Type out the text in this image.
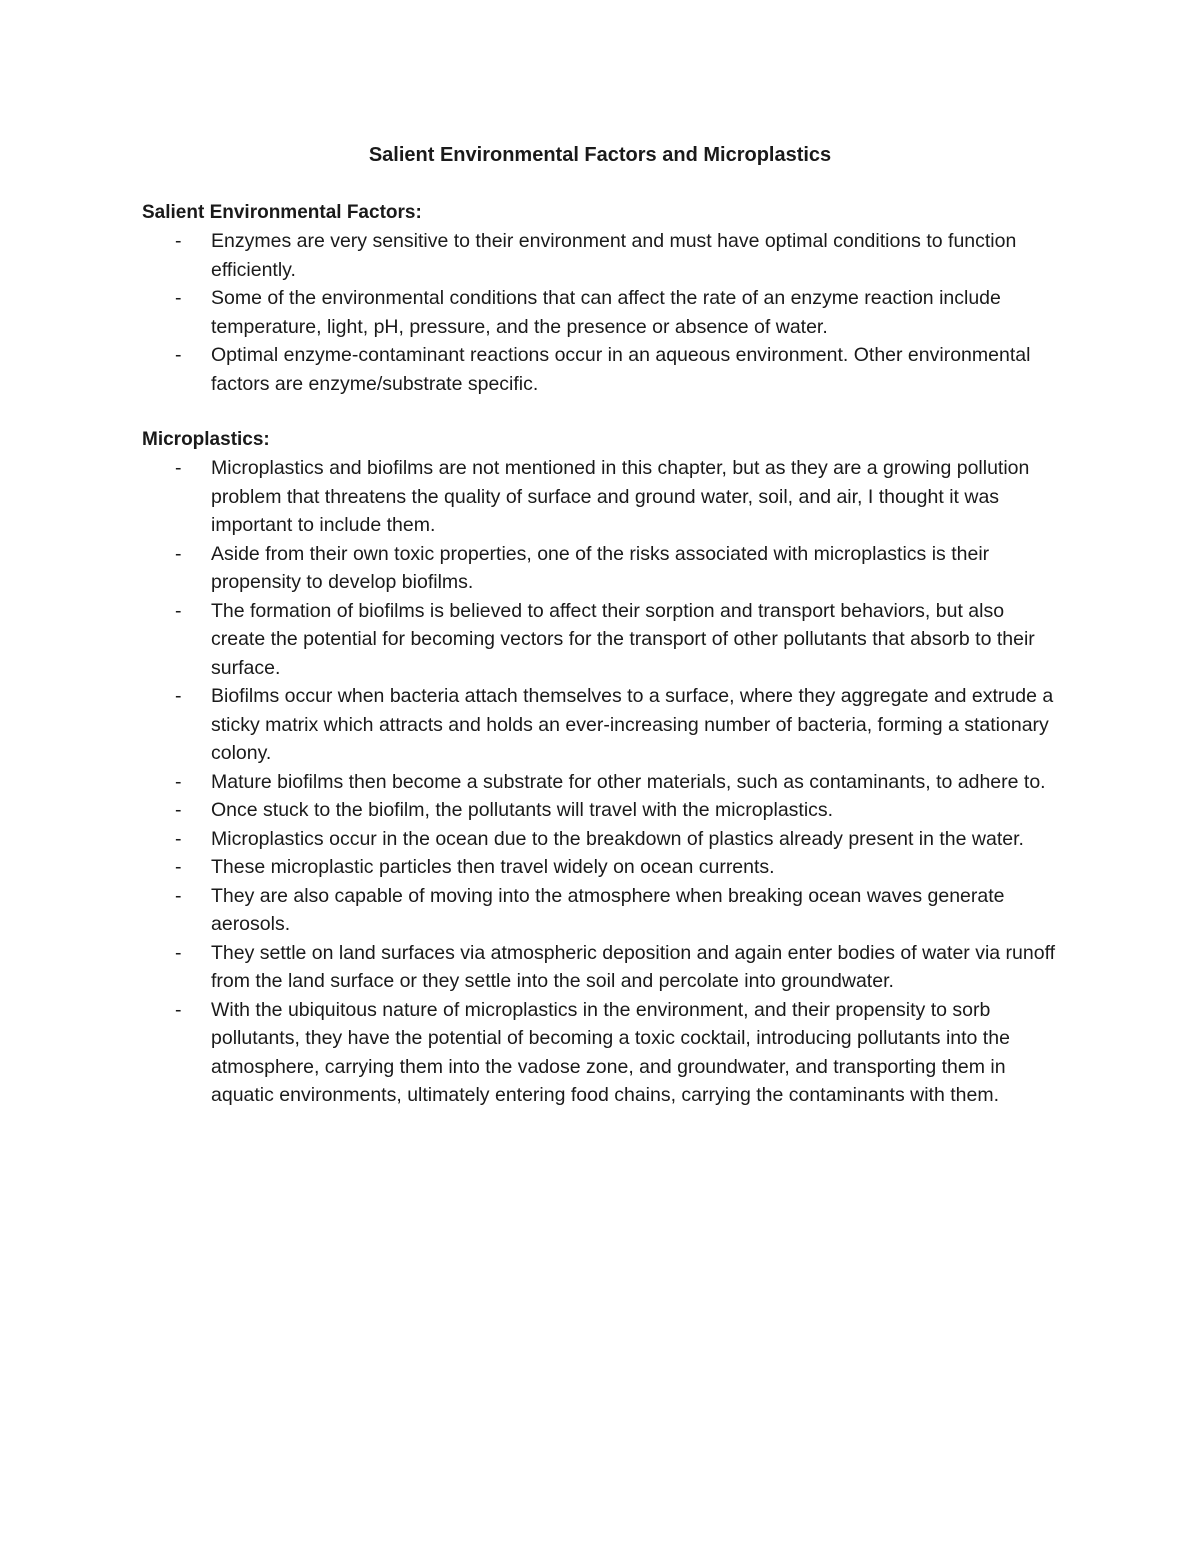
Salient Environmental Factors and Microplastics
Salient Environmental Factors:
- Enzymes are very sensitive to their environment and must have optimal conditions to function efficiently.
- Some of the environmental conditions that can affect the rate of an enzyme reaction include temperature, light, pH, pressure, and the presence or absence of water.
- Optimal enzyme-contaminant reactions occur in an aqueous environment. Other environmental factors are enzyme/substrate specific.
Microplastics:
- Microplastics and biofilms are not mentioned in this chapter, but as they are a growing pollution problem that threatens the quality of surface and ground water, soil, and air, I thought it was important to include them.
- Aside from their own toxic properties, one of the risks associated with microplastics is their propensity to develop biofilms.
- The formation of biofilms is believed to affect their sorption and transport behaviors, but also create the potential for becoming vectors for the transport of other pollutants that absorb to their surface.
- Biofilms occur when bacteria attach themselves to a surface, where they aggregate and extrude a sticky matrix which attracts and holds an ever-increasing number of bacteria, forming a stationary colony.
- Mature biofilms then become a substrate for other materials, such as contaminants, to adhere to.
- Once stuck to the biofilm, the pollutants will travel with the microplastics.
- Microplastics occur in the ocean due to the breakdown of plastics already present in the water.
- These microplastic particles then travel widely on ocean currents.
- They are also capable of moving into the atmosphere when breaking ocean waves generate aerosols.
- They settle on land surfaces via atmospheric deposition and again enter bodies of water via runoff from the land surface or they settle into the soil and percolate into groundwater.
- With the ubiquitous nature of microplastics in the environment, and their propensity to sorb pollutants, they have the potential of becoming a toxic cocktail, introducing pollutants into the atmosphere, carrying them into the vadose zone, and groundwater, and transporting them in aquatic environments, ultimately entering food chains, carrying the contaminants with them.
